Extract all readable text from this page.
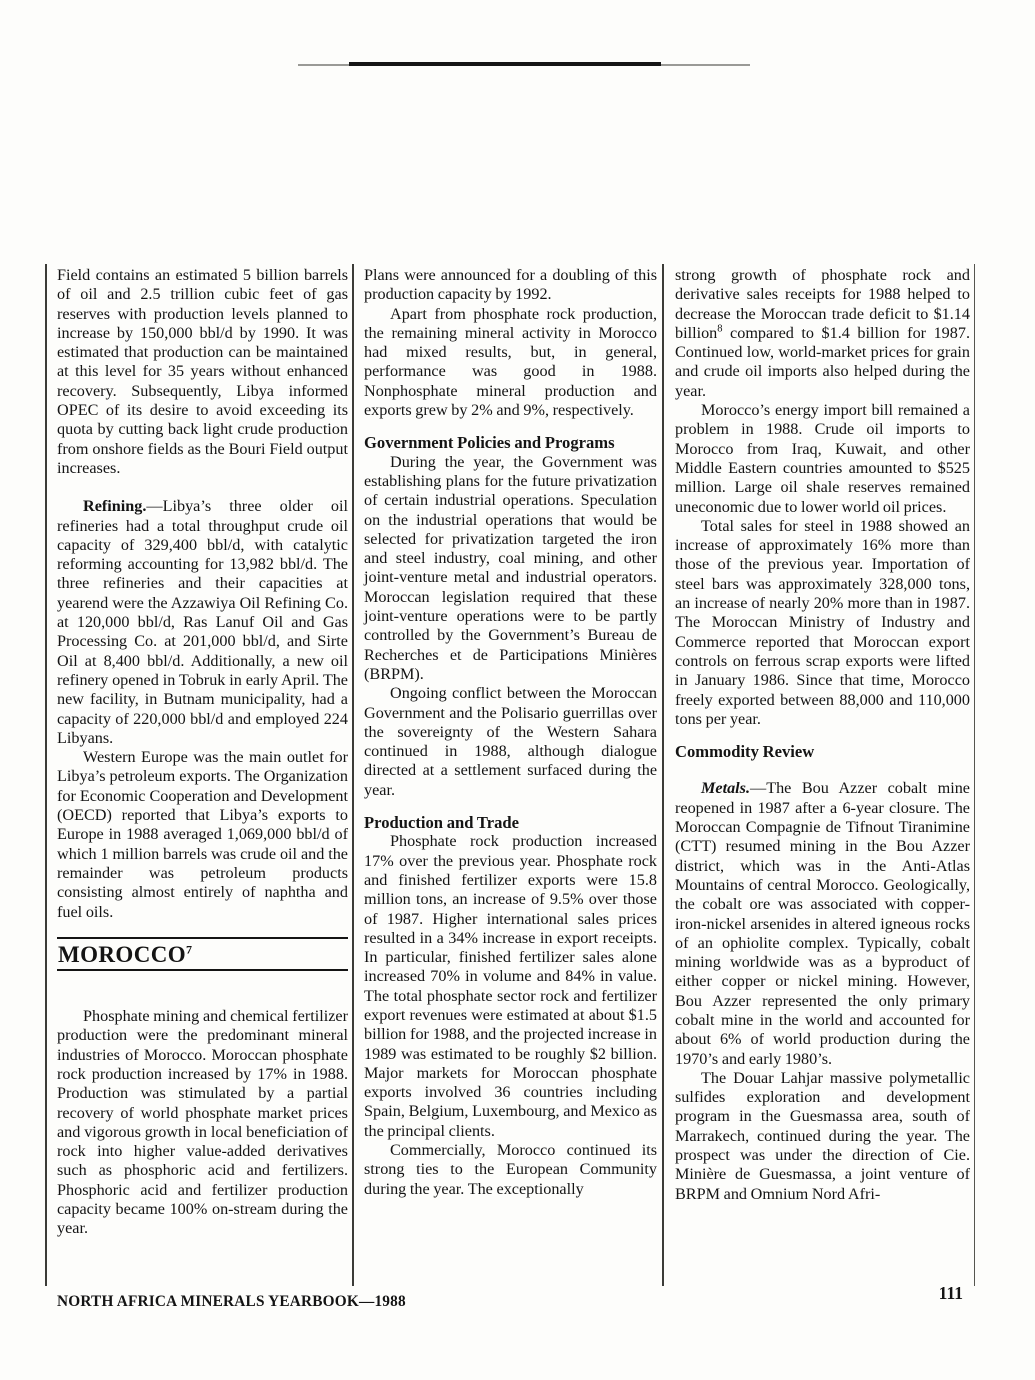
Field contains an estimated 5 billion barrels of oil and 2.5 trillion cubic feet of gas reserves with production levels planned to increase by 150,000 bbl/d by 1990. It was estimated that production can be maintained at this level for 35 years without enhanced recovery. Subsequently, Libya informed OPEC of its desire to avoid exceeding its quota by cutting back light crude production from onshore fields as the Bouri Field output increases.

Refining.—Libya’s three older oil refineries had a total throughput crude oil capacity of 329,400 bbl/d, with catalytic reforming accounting for 13,982 bbl/d. The three refineries and their capacities at yearend were the Azzawiya Oil Refining Co. at 120,000 bbl/d, Ras Lanuf Oil and Gas Processing Co. at 201,000 bbl/d, and Sirte Oil at 8,400 bbl/d. Additionally, a new oil refinery opened in Tobruk in early April. The new facility, in Butnam municipality, had a capacity of 220,000 bbl/d and employed 224 Libyans.

Western Europe was the main outlet for Libya’s petroleum exports. The Organization for Economic Cooperation and Development (OECD) reported that Libya’s exports to Europe in 1988 averaged 1,069,000 bbl/d of which 1 million barrels was crude oil and the remainder was petroleum products consisting almost entirely of naphtha and fuel oils.

MOROCCO$^7$

Phosphate mining and chemical fertilizer production were the predominant mineral industries of Morocco. Moroccan phosphate rock production increased by 17% in 1988. Production was stimulated by a partial recovery of world phosphate market prices and vigorous growth in local beneficiation of rock into higher value-added derivatives such as phosphoric acid and fertilizers. Phosphoric acid and fertilizer production capacity became 100% on-stream during the year.

Plans were announced for a doubling of this production capacity by 1992.

Apart from phosphate rock production, the remaining mineral activity in Morocco had mixed results, but, in general, performance was good in 1988. Nonphosphate mineral production and exports grew by 2% and 9%, respectively.

Government Policies and Programs

During the year, the Government was establishing plans for the future privatization of certain industrial operations. Speculation on the industrial operations that would be selected for privatization targeted the iron and steel industry, coal mining, and other joint-venture metal and industrial operators. Moroccan legislation required that these joint-venture operations were to be partly controlled by the Government’s Bureau de Recherches et de Participations Minières (BRPM).

Ongoing conflict between the Moroccan Government and the Polisario guerrillas over the sovereignty of the Western Sahara continued in 1988, although dialogue directed at a settlement surfaced during the year.

Production and Trade

Phosphate rock production increased 17% over the previous year. Phosphate rock and finished fertilizer exports were 15.8 million tons, an increase of 9.5% over those of 1987. Higher international sales prices resulted in a 34% increase in export receipts. In particular, finished fertilizer sales alone increased 70% in volume and 84% in value. The total phosphate sector rock and fertilizer export revenues were estimated at about $1.5 billion for 1988, and the projected increase in 1989 was estimated to be roughly $2 billion. Major markets for Moroccan phosphate exports involved 36 countries including Spain, Belgium, Luxembourg, and Mexico as the principal clients.

Commercially, Morocco continued its strong ties to the European Community during the year. The exceptionally

strong growth of phosphate rock and derivative sales receipts for 1988 helped to decrease the Moroccan trade deficit to $1.14 billion$^8$ compared to $1.4 billion for 1987. Continued low, world-market prices for grain and crude oil imports also helped during the year.

Morocco’s energy import bill remained a problem in 1988. Crude oil imports to Morocco from Iraq, Kuwait, and other Middle Eastern countries amounted to $525 million. Large oil shale reserves remained uneconomic due to lower world oil prices.

Total sales for steel in 1988 showed an increase of approximately 16% more than those of the previous year. Importation of steel bars was approximately 328,000 tons, an increase of nearly 20% more than in 1987. The Moroccan Ministry of Industry and Commerce reported that Moroccan export controls on ferrous scrap exports were lifted in January 1986. Since that time, Morocco freely exported between 88,000 and 110,000 tons per year.

Commodity Review

Metals.—The Bou Azzer cobalt mine reopened in 1987 after a 6-year closure. The Moroccan Compagnie de Tifnout Tiranimine (CTT) resumed mining in the Bou Azzer district, which was in the Anti-Atlas Mountains of central Morocco. Geologically, the cobalt ore was associated with copper-iron-nickel arsenides in altered igneous rocks of an ophiolite complex. Typically, cobalt mining worldwide was as a byproduct of either copper or nickel mining. However, Bou Azzer represented the only primary cobalt mine in the world and accounted for about 6% of world production during the 1970’s and early 1980’s.

The Douar Lahjar massive polymetallic sulfides exploration and development program in the Guesmassa area, south of Marrakech, continued during the year. The prospect was under the direction of Cie. Minière de Guesmassa, a joint venture of BRPM and Omnium Nord Afri-

NORTH AFRICA MINERALS YEARBOOK—1988	111
